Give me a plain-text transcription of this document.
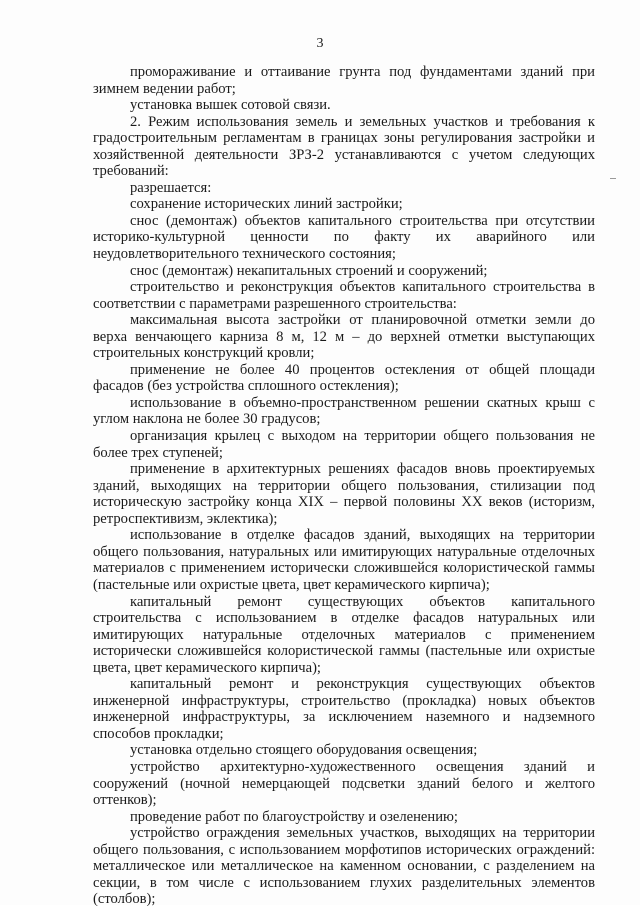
3

промораживание и оттаивание грунта под фундаментами зданий при зимнем ведении работ;

установка вышек сотовой связи.

2. Режим использования земель и земельных участков и требования к градостроительным регламентам в границах зоны регулирования застройки и хозяйственной деятельности ЗРЗ-2 устанавливаются с учетом следующих требований:

разрешается:

сохранение исторических линий застройки;

снос (демонтаж) объектов капитального строительства при отсутствии историко-культурной ценности по факту их аварийного или неудовлетворительного технического состояния;

снос (демонтаж) некапитальных строений и сооружений;

строительство и реконструкция объектов капитального строительства в соответствии с параметрами разрешенного строительства:

максимальная высота застройки от планировочной отметки земли до верха венчающего карниза 8 м, 12 м – до верхней отметки выступающих строительных конструкций кровли;

применение не более 40 процентов остекления от общей площади фасадов (без устройства сплошного остекления);

использование в объемно-пространственном решении скатных крыш с углом наклона не более 30 градусов;

организация крылец с выходом на территории общего пользования не более трех ступеней;

применение в архитектурных решениях фасадов вновь проектируемых зданий, выходящих на территории общего пользования, стилизации под историческую застройку конца XIX – первой половины XX веков (историзм, ретроспективизм, эклектика);

использование в отделке фасадов зданий, выходящих на территории общего пользования, натуральных или имитирующих натуральные отделочных материалов с применением исторически сложившейся колористической гаммы (пастельные или охристые цвета, цвет керамического кирпича);

капитальный ремонт существующих объектов капитального строительства с использованием в отделке фасадов натуральных или имитирующих натуральные отделочных материалов с применением исторически сложившейся колористической гаммы (пастельные или охристые цвета, цвет керамического кирпича);

капитальный ремонт и реконструкция существующих объектов инженерной инфраструктуры, строительство (прокладка) новых объектов инженерной инфраструктуры, за исключением наземного и надземного способов прокладки;

установка отдельно стоящего оборудования освещения;

устройство архитектурно-художественного освещения зданий и сооружений (ночной немерцающей подсветки зданий белого и желтого оттенков);

проведение работ по благоустройству и озеленению;

устройство ограждения земельных участков, выходящих на территории общего пользования, с использованием морфотипов исторических ограждений: металлическое или металлическое на каменном основании, с разделением на секции, в том числе с использованием глухих разделительных элементов (столбов);
